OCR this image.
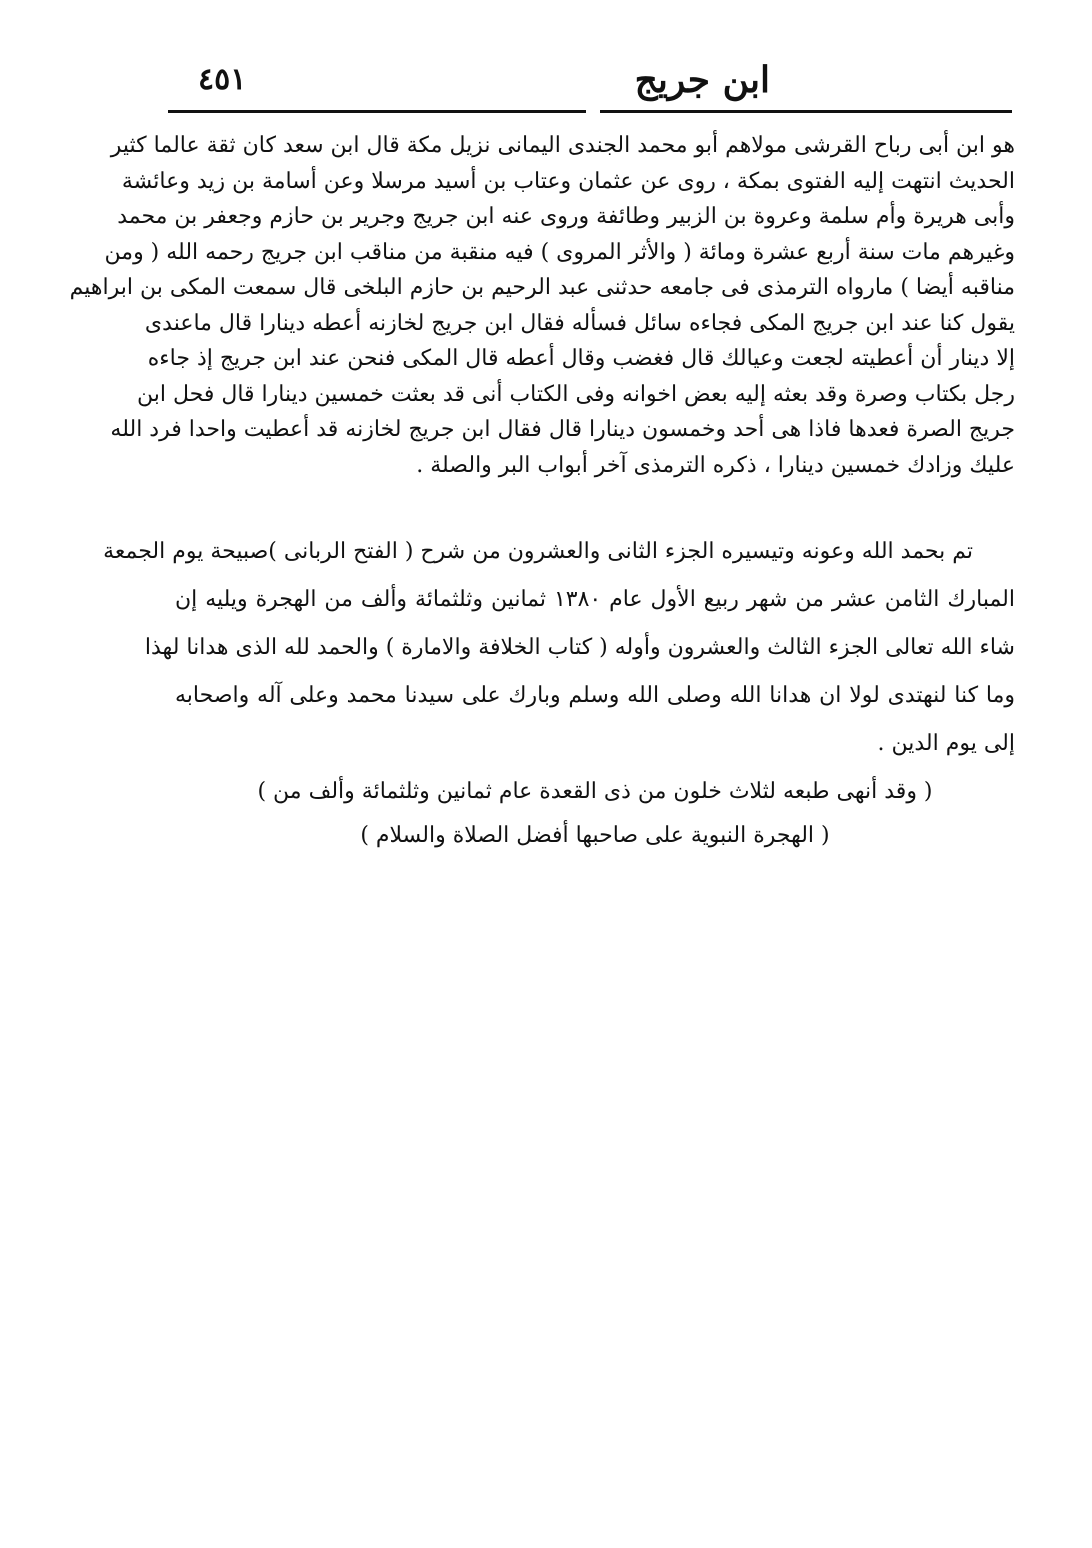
ابن جريج
٤٥١
هو ابن أبى رباح القرشى مولاهم أبو محمد الجندى اليمانى نزيل مكة قال ابن سعد كان ثقة عالما كثير
الحديث انتهت إليه الفتوى بمكة ، روى عن عثمان وعتاب بن أسيد مرسلا وعن أسامة بن زيد وعائشة
وأبى هريرة وأم سلمة وعروة بن الزبير وطائفة وروى عنه ابن جريج وجرير بن حازم وجعفر بن محمد
وغيرهم مات سنة أربع عشرة ومائة ( والأثر المروى ) فيه منقبة من مناقب ابن جريج رحمه الله ( ومن
مناقبه أيضا ) مارواه الترمذى فى جامعه حدثنى عبد الرحيم بن حازم البلخى قال سمعت المكى بن ابراهيم
يقول كنا عند ابن جريج المكى فجاءه سائل فسأله فقال ابن جريج لخازنه أعطه دينارا قال ماعندى
إلا دينار أن أعطيته لجعت وعيالك قال فغضب وقال أعطه قال المكى فنحن عند ابن جريج إذ جاءه
رجل بكتاب وصرة وقد بعثه إليه بعض اخوانه وفى الكتاب أنى قد بعثت خمسين دينارا قال فحل ابن
جريج الصرة فعدها فاذا هى أحد وخمسون دينارا قال فقال ابن جريج لخازنه قد أعطيت واحدا فرد الله
عليك وزادك خمسين دينارا ، ذكره الترمذى آخر أبواب البر والصلة .
تم بحمد الله وعونه وتيسيره الجزء الثانى والعشرون من شرح ( الفتح الربانى )صبيحة يوم الجمعة
المبارك الثامن عشر من شهر ربيع الأول عام ١٣٨٠ ثمانين وثلثمائة وألف من الهجرة ويليه إن
شاء الله تعالى الجزء الثالث والعشرون وأوله ( كتاب الخلافة والامارة ) والحمد لله الذى هدانا لهذا
وما كنا لنهتدى لولا ان هدانا الله وصلى الله وسلم وبارك على سيدنا محمد وعلى آله واصحابه
إلى يوم الدين .
( وقد أنهى طبعه لثلاث خلون من ذى القعدة عام ثمانين وثلثمائة وألف من )
( الهجرة النبوية على صاحبها أفضل الصلاة والسلام )
